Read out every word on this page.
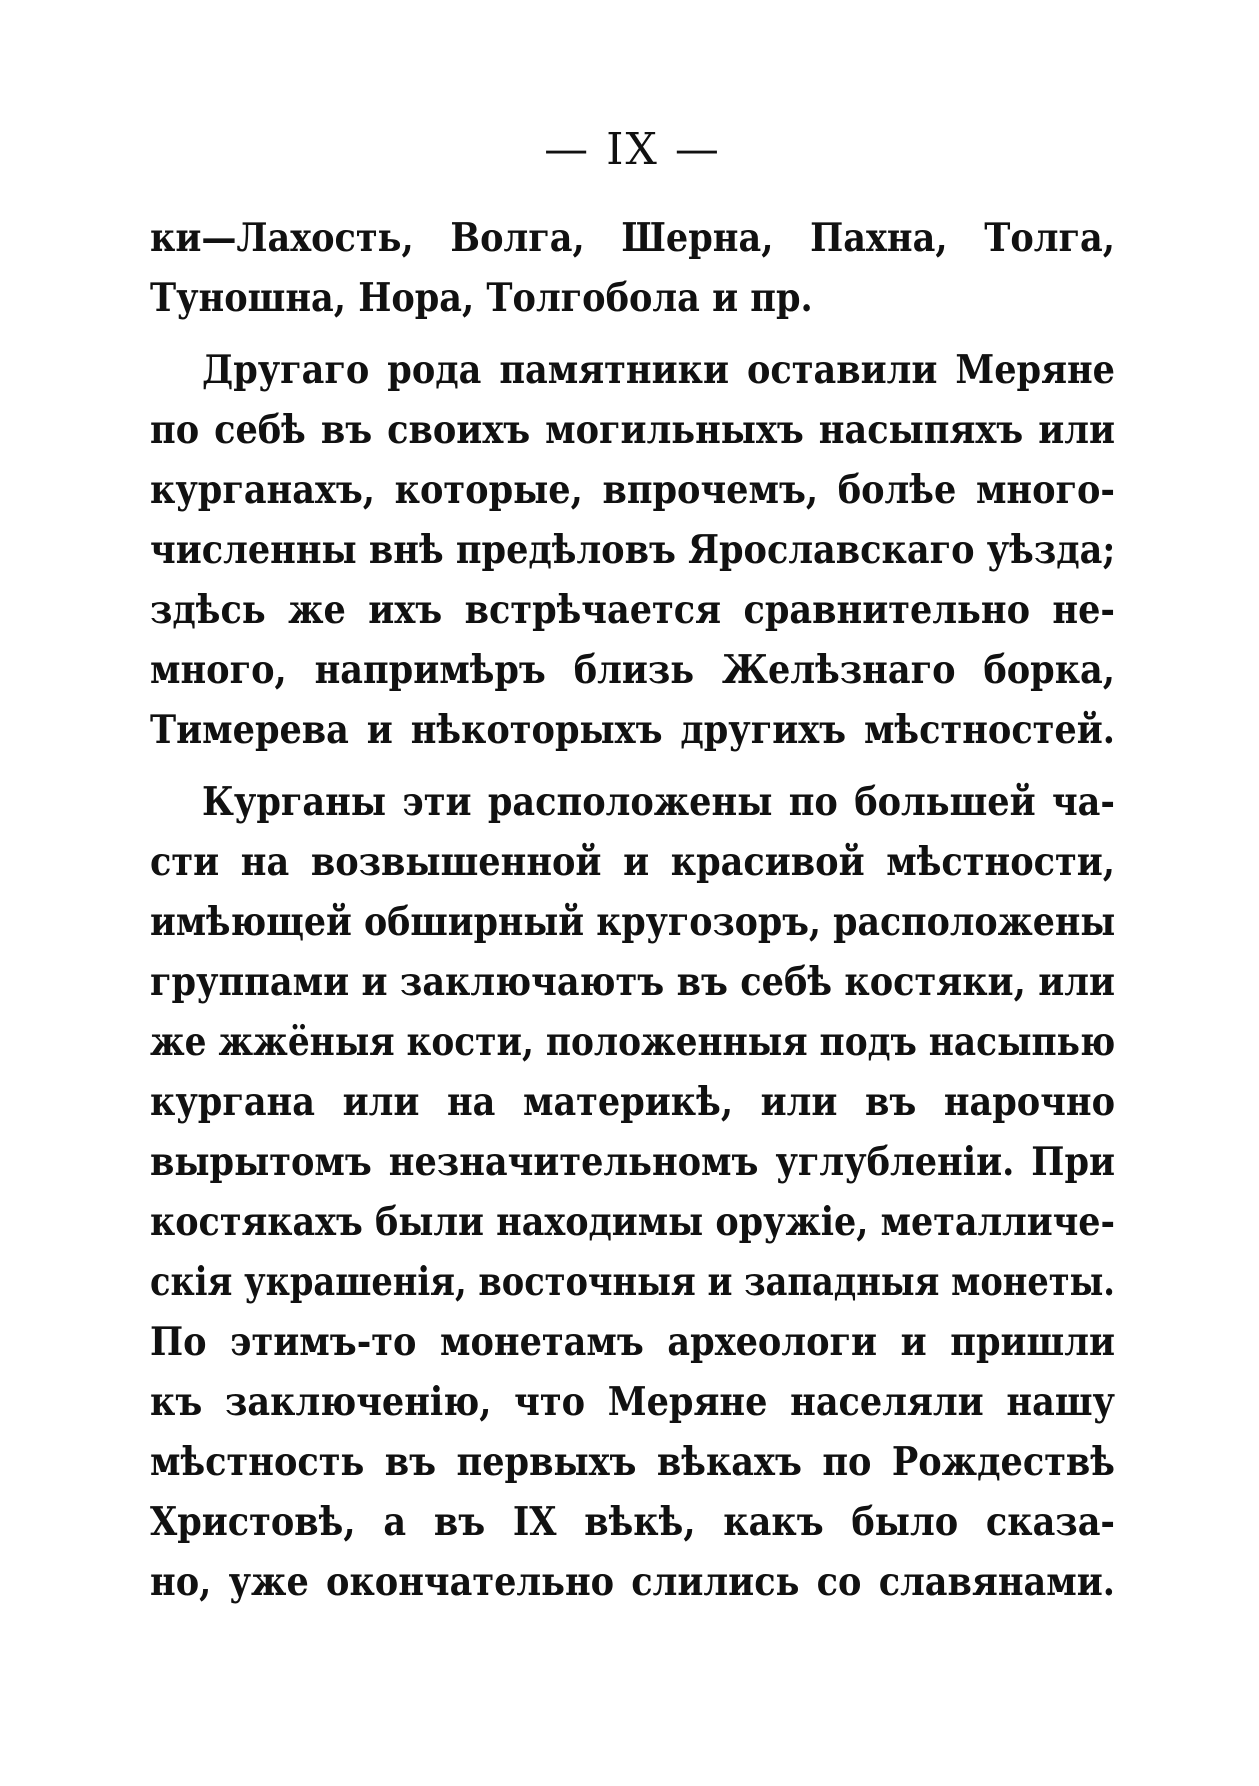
— IX —
ки—Лахость, Волга, Шерна, Пахна, Толга,
Туношна, Нора, Толгобола и пр.
Другаго рода памятники оставили Меряне
по себѣ въ своихъ могильныхъ насыпяхъ или
курганахъ, которые, впрочемъ, болѣе много-
численны внѣ предѣловъ Ярославскаго уѣзда;
здѣсь же ихъ встрѣчается сравнительно не-
много, напримѣръ близь Желѣзнаго борка,
Тимерева и нѣкоторыхъ другихъ мѣстностей.
Курганы эти расположены по большей ча-
сти на возвышенной и красивой мѣстности,
имѣющей обширный кругозоръ, расположены
группами и заключаютъ въ себѣ костяки, или
же жжёныя кости, положенныя подъ насыпью
кургана или на материкѣ, или въ нарочно
вырытомъ незначительномъ углубленіи. При
костякахъ были находимы оружіе, металличе-
скія украшенія, восточныя и западныя монеты.
По этимъ-то монетамъ археологи и пришли
къ заключенію, что Меряне населяли нашу
мѣстность въ первыхъ вѣкахъ по Рождествѣ
Христовѣ, а въ IX вѣкѣ, какъ было сказа-
но, уже окончательно слились со славянами.
